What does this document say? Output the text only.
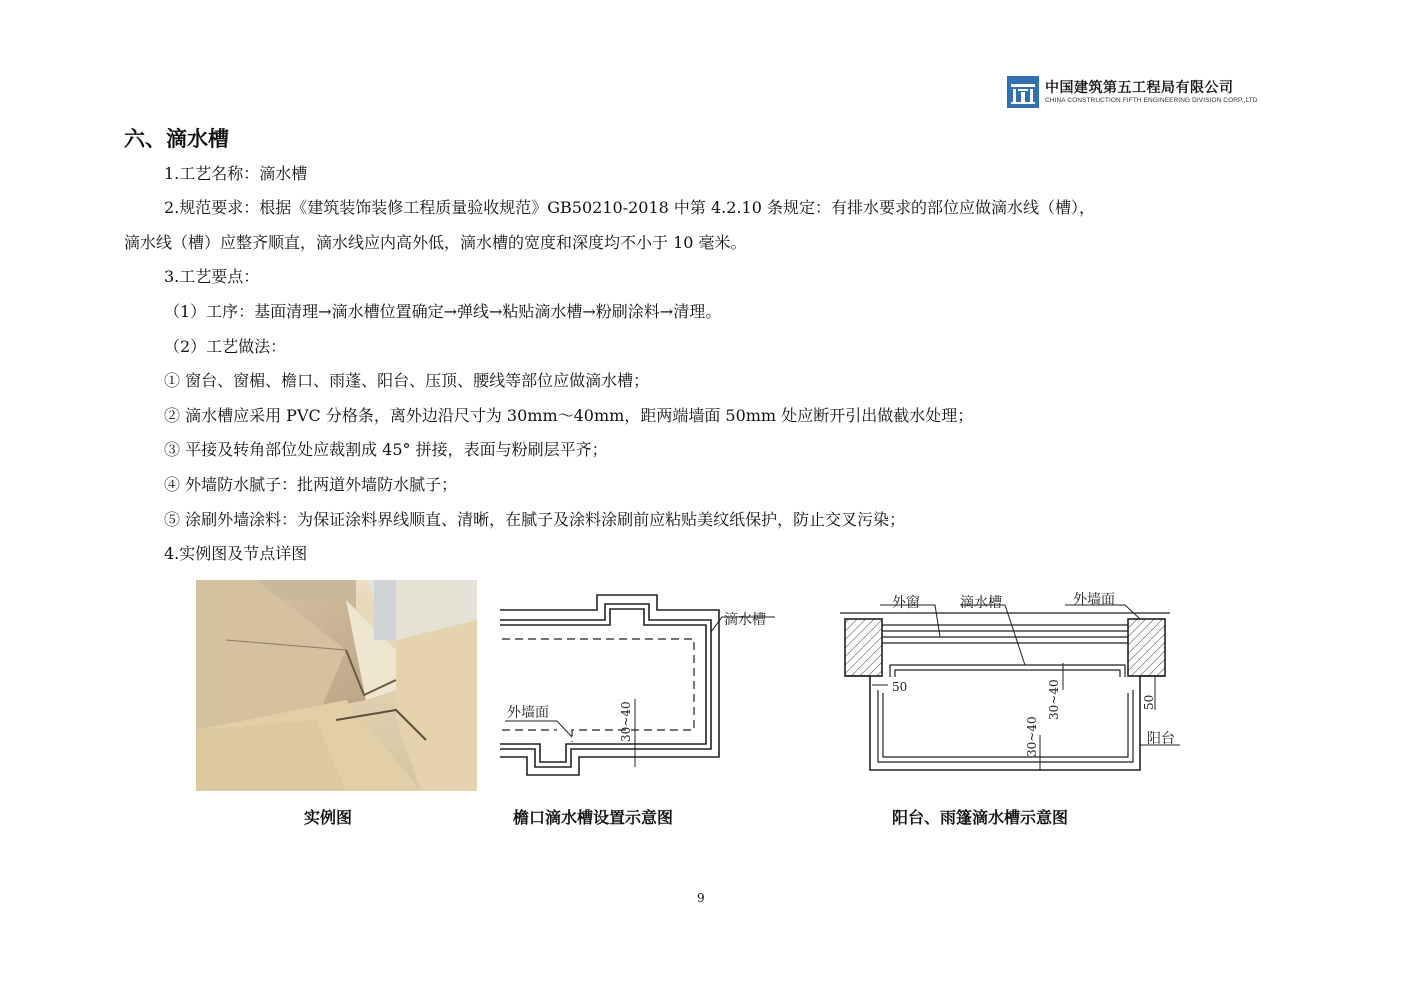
中国建筑第五工程局有限公司
CHINA CONSTRUCTION FIFTH ENGINEERING DIVISION CORP.,LTD
六、滴水槽
1.工艺名称：滴水槽
2.规范要求：根据《建筑装饰装修工程质量验收规范》GB50210-2018 中第 4.2.10 条规定：有排水要求的部位应做滴水线（槽），
滴水线（槽）应整齐顺直，滴水线应内高外低，滴水槽的宽度和深度均不小于 10 毫米。
3.工艺要点：
（1）工序：基面清理→滴水槽位置确定→弹线→粘贴滴水槽→粉刷涂料→清理。
（2）工艺做法：
① 窗台、窗楣、檐口、雨蓬、阳台、压顶、腰线等部位应做滴水槽；
② 滴水槽应采用 PVC 分格条，离外边沿尺寸为 30mm～40mm，距两端墙面 50mm 处应断开引出做截水处理；
③ 平接及转角部位处应裁割成 45° 拼接，表面与粉刷层平齐；
④ 外墙防水腻子：批两道外墙防水腻子；
⑤ 涂刷外墙涂料：为保证涂料界线顺直、清晰，在腻子及涂料涂刷前应粘贴美纹纸保护，防止交叉污染；
4.实例图及节点详图
滴水槽
外墙面	30~40
外窗	滴水槽	外墙面
50	30~40
30~40
50
阳台
实例图	檐口滴水槽设置示意图	阳台、雨篷滴水槽示意图
9
